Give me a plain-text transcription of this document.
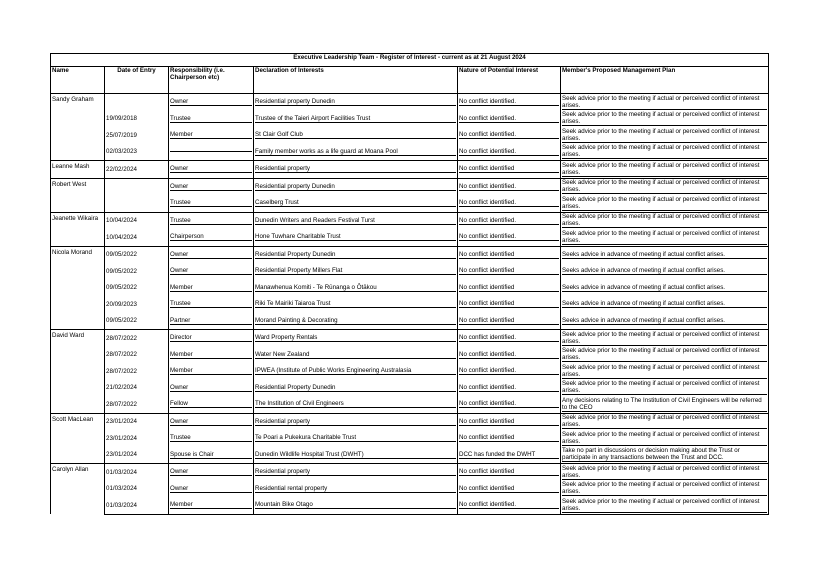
Executive Leadership Team - Register of Interest - current as at 21 August 2024					
Name	Date of Entry	Responsibility (i.e. Chairperson etc)	Declaration of Interests	Nature of Potential Interest	Member's Proposed Management Plan

Sandy Graham		Owner	Residential property Dunedin	No conflict identified.	Seek advice prior to the meeting if actual or perceived conflict of interest arises.

	19/09/2018	Trustee	Trustee of the Taieri Airport Facilities Trust	No conflict identified.	Seek advice prior to the meeting if actual or perceived conflict of interest arises.

	25/07/2019	Member	St Clair Golf Club	No conflict identified.	Seek advice prior to the meeting if actual or perceived conflict of interest arises.

	02/03/2023		Family member works as a life guard at Moana Pool	No conflict identified.	Seek advice prior to the meeting if actual or perceived conflict of interest arises.

Leanne Mash	22/02/2024	Owner	Residential property	No conflict identified	Seek advice prior to the meeting if actual or perceived conflict of interest arises.

Robert West		Owner	Residential property Dunedin	No conflict identified.	Seek advice prior to the meeting if actual or perceived conflict of interest arises.

		Trustee	Caselberg Trust	No conflict identified.	Seek advice prior to the meeting if actual or perceived conflict of interest arises.

Jeanette Wikaira	10/04/2024	Trustee	Dunedin Writers and Readers Festival Turst	No conflict identified.	Seek advice prior to the meeting if actual or perceived conflict of interest arises.

	10/04/2024	Chairperson	Hone Tuwhare Charitable Trust	No conflict identified.	Seek advice prior to the meeting if actual or perceived conflict of interest arises.

Nicola Morand	09/05/2022	Owner	Residential Property Dunedin	No conflict identified	Seeks advice in advance of meeting if actual conflict arises.

	09/05/2022	Owner	Residential Property Millers Flat	No conflict identified	Seeks advice in advance of meeting if actual conflict arises.

	09/05/2022	Member	Manawhenua Komiti - Te Rūnanga o Ōtākou	No conflict identified	Seeks advice in advance of meeting if actual conflict arises.

	20/09/2023	Trustee	Riki Te Mairiki Taiaroa Trust	No conflict identified	Seeks advice in advance of meeting if actual conflict arises.

	09/05/2022	Partner	Morand Painting & Decorating	No conflict identified	Seeks advice in advance of meeting if actual conflict arises.

David Ward	28/07/2022	Director	Ward Property Rentals	No conflict identified.	Seek advice prior to the meeting if actual or perceived conflict of interest arises.

	28/07/2022	Member	Water New Zealand	No conflict identified.	Seek advice prior to the meeting if actual or perceived conflict of interest arises.

	28/07/2022	Member	IPWEA (Institute of Public Works Engineering Australasia	No conflict identified.	Seek advice prior to the meeting if actual or perceived conflict of interest arises.

	21/02/2024	Owner	Residential Property Dunedin	No conflict identified.	Seek advice prior to the meeting if actual or perceived conflict of interest arises.

	28/07/2022	Fellow	The Institution of Civil Engineers	No conflict identified.	Any decisions relating to The Institution of Civil Engineers will be referred to the CEO

Scott MacLean	23/01/2024	Owner	Residential property	No conflict identified	Seek advice prior to the meeting if actual or perceived conflict of interest arises.

	23/01/2024	Trustee	Te Poari a Pukekura Charitable Trust	No conflict identified	Seek advice prior to the meeting if actual or perceived conflict of interest arises.

	23/01/2024	Spouse is Chair	Dunedin Wildlife Hospital Trust (DWHT)	DCC has funded the DWHT	Take no part in discussions or decision making about the Trust or participate in any transactions between the Trust and DCC.

Carolyn Allan	01/03/2024	Owner	Residential property	No conflict identified	Seek advice prior to the meeting if actual or perceived conflict of interest arises.

	01/03/2024	Owner	Residential rental property	No conflict identified	Seek advice prior to the meeting if actual or perceived conflict of interest arises.

	01/03/2024	Member	Mountain Bike Otago	No conflict identified.	Seek advice prior to the meeting if actual or perceived conflict of interest arises.
